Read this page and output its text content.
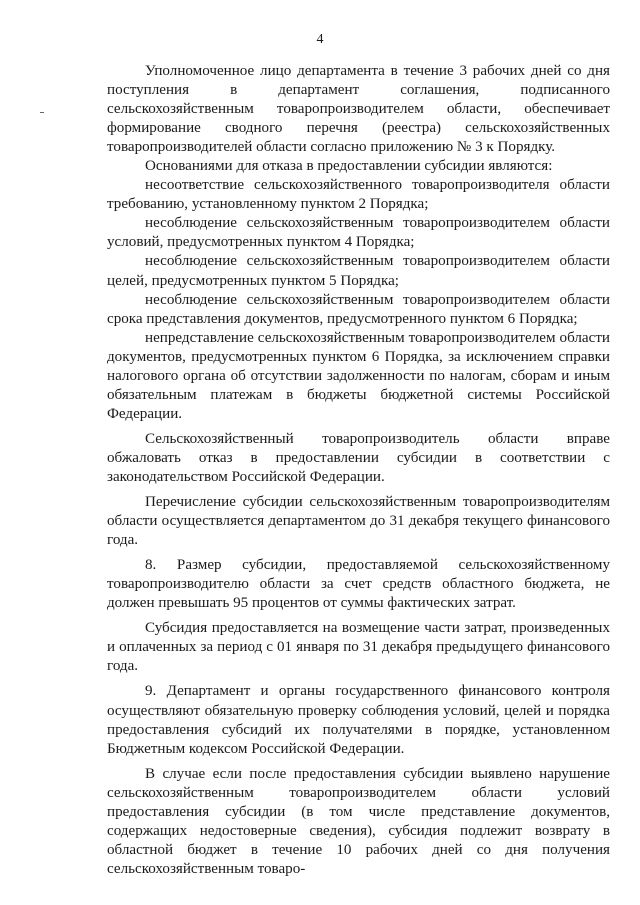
4

Уполномоченное лицо департамента в течение 3 рабочих дней со дня поступления в департамент соглашения, подписанного сельскохозяйственным товаропроизводителем области, обеспечивает формирование сводного перечня (реестра) сельскохозяйственных товаропроизводителей области согласно приложению № 3 к Порядку.

Основаниями для отказа в предоставлении субсидии являются:

несоответствие сельскохозяйственного товаропроизводителя области требованию, установленному пунктом 2 Порядка;

несоблюдение сельскохозяйственным товаропроизводителем области условий, предусмотренных пунктом 4 Порядка;

несоблюдение сельскохозяйственным товаропроизводителем области целей, предусмотренных пунктом 5 Порядка;

несоблюдение сельскохозяйственным товаропроизводителем области срока представления документов, предусмотренного пунктом 6 Порядка;

непредставление сельскохозяйственным товаропроизводителем области документов, предусмотренных пунктом 6 Порядка, за исключением справки налогового органа об отсутствии задолженности по налогам, сборам и иным обязательным платежам в бюджеты бюджетной системы Российской Федерации.

Сельскохозяйственный товаропроизводитель области вправе обжаловать отказ в предоставлении субсидии в соответствии с законодательством Российской Федерации.

Перечисление субсидии сельскохозяйственным товаропроизводителям области осуществляется департаментом до 31 декабря текущего финансового года.

8. Размер субсидии, предоставляемой сельскохозяйственному товаропроизводителю области за счет средств областного бюджета, не должен превышать 95 процентов от суммы фактических затрат.

Субсидия предоставляется на возмещение части затрат, произведенных и оплаченных за период с 01 января по 31 декабря предыдущего финансового года.

9. Департамент и органы государственного финансового контроля осуществляют обязательную проверку соблюдения условий, целей и порядка предоставления субсидий их получателями в порядке, установленном Бюджетным кодексом Российской Федерации.

В случае если после предоставления субсидии выявлено нарушение сельскохозяйственным товаропроизводителем области условий предоставления субсидии (в том числе представление документов, содержащих недостоверные сведения), субсидия подлежит возврату в областной бюджет в течение 10 рабочих дней со дня получения сельскохозяйственным товаро-
